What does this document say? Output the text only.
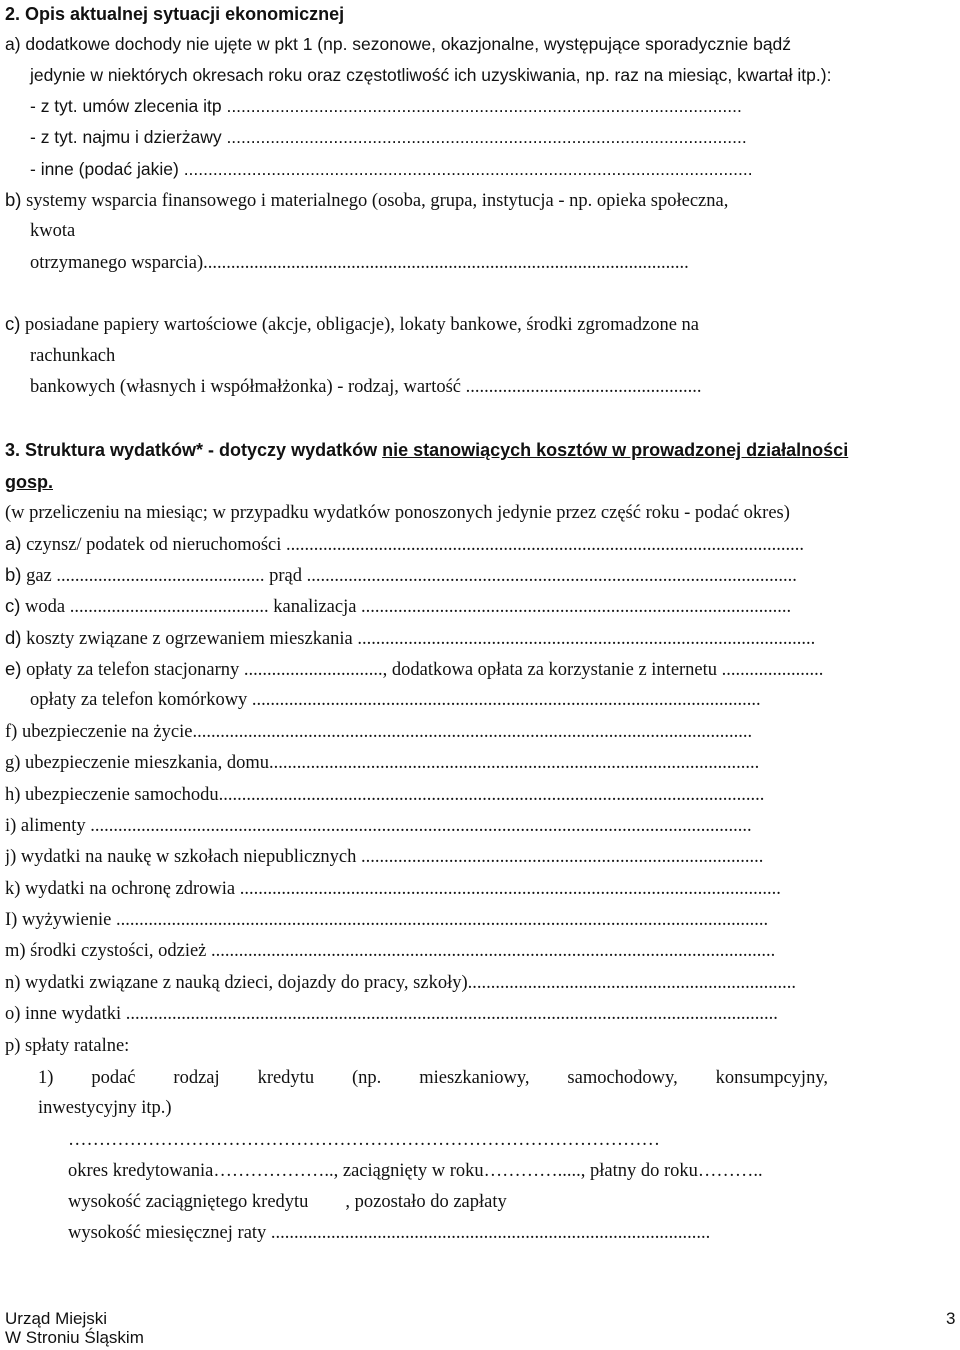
2. Opis aktualnej sytuacji ekonomicznej

a) dodatkowe dochody nie ujęte w pkt 1 (np. sezonowe, okazjonalne, występujące sporadycznie bądź

jedynie w niektórych okresach roku oraz częstotliwość ich uzyskiwania, np. raz na miesiąc, kwartał itp.):

- z tyt. umów zlecenia itp ..........................................................................................................

- z tyt. najmu i dzierżawy ...........................................................................................................

- inne (podać jakie) .....................................................................................................................

b) systemy wsparcia finansowego i materialnego (osoba, grupa, instytucja - np. opieka społeczna,

kwota

otrzymanego wsparcia).........................................................................................................

c) posiadane papiery wartościowe (akcje, obligacje), lokaty bankowe, środki zgromadzone na

rachunkach

bankowych (własnych i współmałżonka) - rodzaj, wartość ...................................................

3. Struktura wydatków* - dotyczy wydatków nie stanowiących kosztów w prowadzonej działalności

gosp.

(w przeliczeniu na miesiąc; w przypadku wydatków ponoszonych jedynie przez część roku - podać okres)

a) czynsz/ podatek od nieruchomości ................................................................................................................

b) gaz ............................................. prąd ..........................................................................................................

c) woda ........................................... kanalizacja .............................................................................................

d) koszty związane z ogrzewaniem mieszkania ...................................................................................................

e) opłaty za telefon stacjonarny .............................., dodatkowa opłata za korzystanie z internetu ......................

opłaty za telefon komórkowy ..............................................................................................................

f) ubezpieczenie na życie.........................................................................................................................

g) ubezpieczenie mieszkania, domu..........................................................................................................

h) ubezpieczenie samochodu......................................................................................................................

i) alimenty ...............................................................................................................................................

j) wydatki na naukę w szkołach niepublicznych .......................................................................................

k) wydatki na ochronę zdrowia .....................................................................................................................

I) wyżywienie .............................................................................................................................................

m) środki czystości, odzież ..........................................................................................................................

n) wydatki związane z nauką dzieci, dojazdy do pracy, szkoły).......................................................................

o) inne wydatki .............................................................................................................................................

p) spłaty ratalne:

1) podać rodzaj kredytu (np. mieszkaniowy, samochodowy, konsumpcyjny,

inwestycyjny itp.)

……………………………………………………………………………………

okres kredytowania……………….., zaciągnięty w roku…………....., płatny do roku………..

wysokość zaciągniętego kredytu        , pozostało do zapłaty

wysokość miesięcznej raty ...............................................................................................

Urząd Miejski

W Stroniu Śląskim

3
